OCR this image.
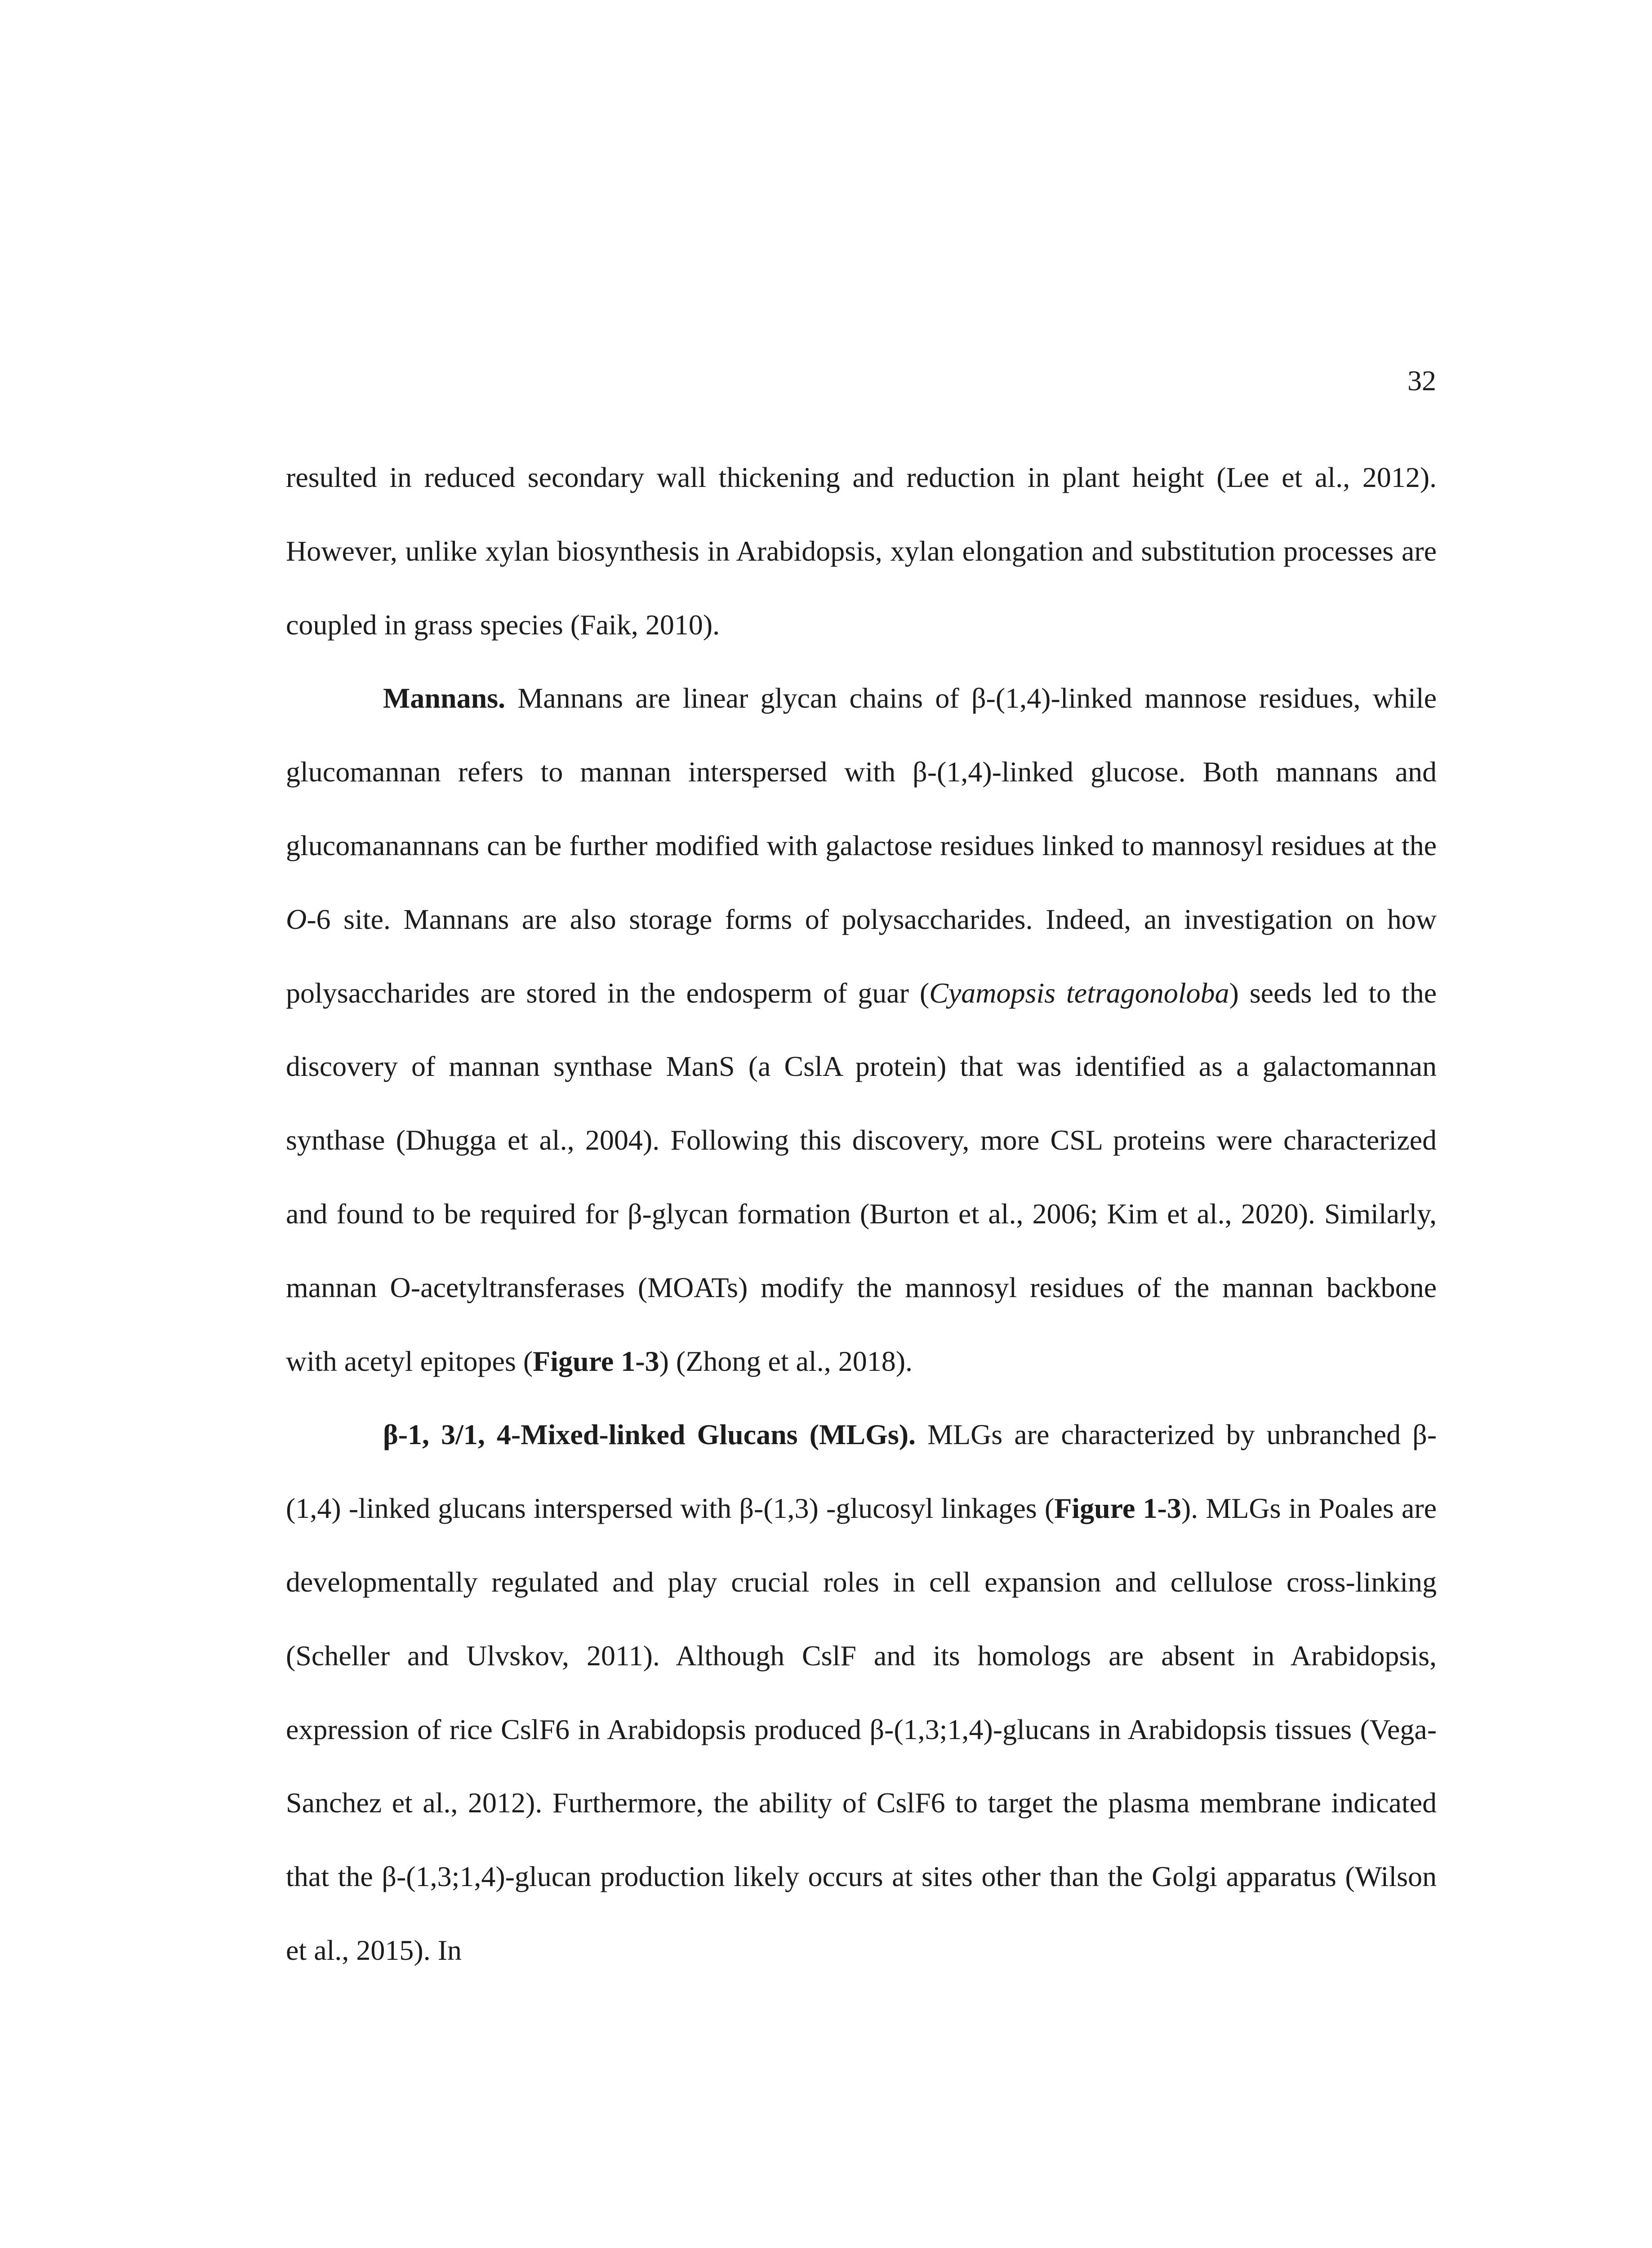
32

resulted in reduced secondary wall thickening and reduction in plant height (Lee et al., 2012). However, unlike xylan biosynthesis in Arabidopsis, xylan elongation and substitution processes are coupled in grass species (Faik, 2010).

Mannans. Mannans are linear glycan chains of β-(1,4)-linked mannose residues, while glucomannan refers to mannan interspersed with β-(1,4)-linked glucose. Both mannans and glucomanannans can be further modified with galactose residues linked to mannosyl residues at the O-6 site. Mannans are also storage forms of polysaccharides. Indeed, an investigation on how polysaccharides are stored in the endosperm of guar (Cyamopsis tetragonoloba) seeds led to the discovery of mannan synthase ManS (a CslA protein) that was identified as a galactomannan synthase (Dhugga et al., 2004). Following this discovery, more CSL proteins were characterized and found to be required for β-glycan formation (Burton et al., 2006; Kim et al., 2020). Similarly, mannan O-acetyltransferases (MOATs) modify the mannosyl residues of the mannan backbone with acetyl epitopes (Figure 1-3) (Zhong et al., 2018).

β-1, 3/1, 4-Mixed-linked Glucans (MLGs). MLGs are characterized by unbranched β-(1,4) -linked glucans interspersed with β-(1,3) -glucosyl linkages (Figure 1-3). MLGs in Poales are developmentally regulated and play crucial roles in cell expansion and cellulose cross-linking (Scheller and Ulvskov, 2011). Although CslF and its homologs are absent in Arabidopsis, expression of rice CslF6 in Arabidopsis produced β-(1,3;1,4)-glucans in Arabidopsis tissues (Vega-Sanchez et al., 2012). Furthermore, the ability of CslF6 to target the plasma membrane indicated that the β-(1,3;1,4)-glucan production likely occurs at sites other than the Golgi apparatus (Wilson et al., 2015). In
